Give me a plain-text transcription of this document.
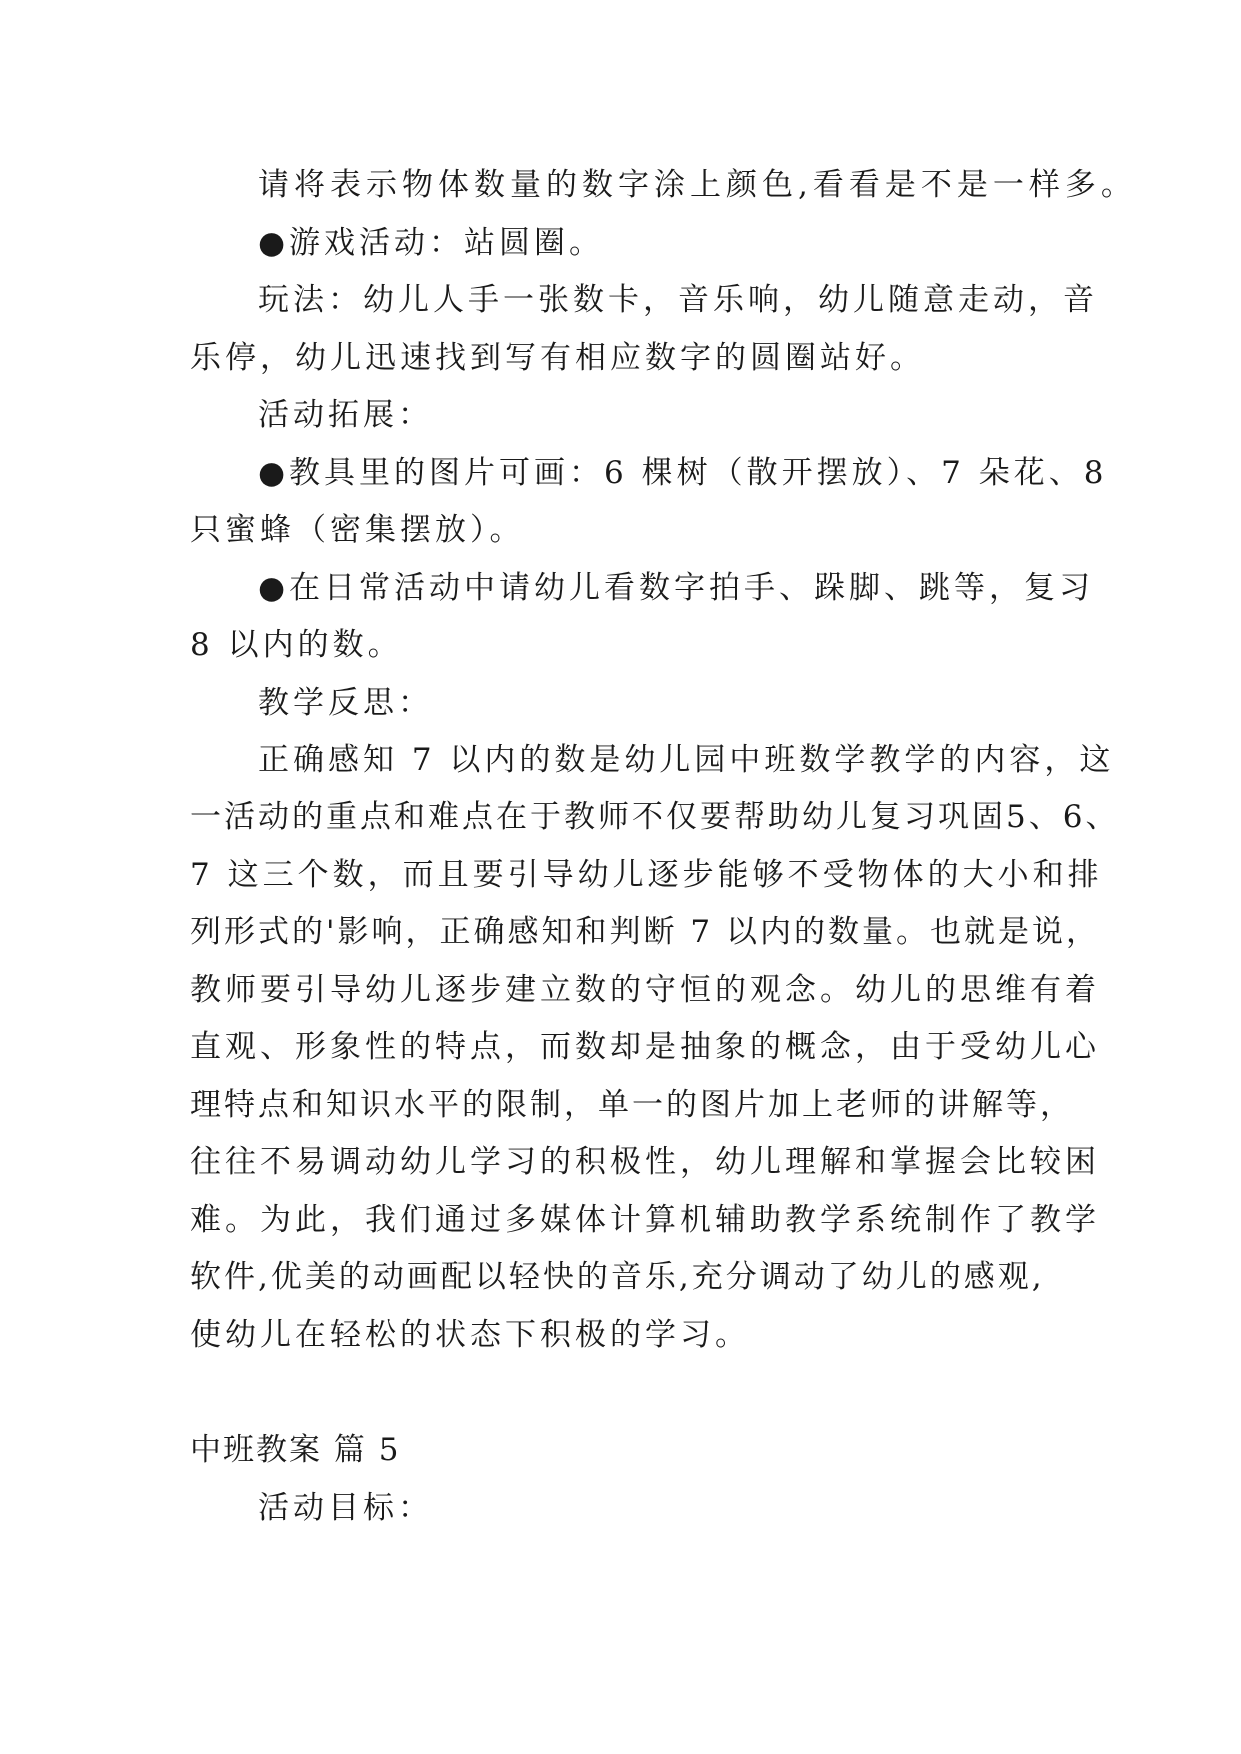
请将表示物体数量的数字涂上颜色,看看是不是一样多。
●游戏活动：站圆圈。
玩法：幼儿人手一张数卡，音乐响，幼儿随意走动，音
乐停，幼儿迅速找到写有相应数字的圆圈站好。
活动拓展：
●教具里的图片可画：6 棵树（散开摆放）、7 朵花、8
只蜜蜂（密集摆放）。
●在日常活动中请幼儿看数字拍手、跺脚、跳等，复习
8 以内的数。
教学反思：
正确感知 7 以内的数是幼儿园中班数学教学的内容，这
一活动的重点和难点在于教师不仅要帮助幼儿复习巩固5、6、
7 这三个数，而且要引导幼儿逐步能够不受物体的大小和排
列形式的'影响，正确感知和判断 7 以内的数量。也就是说，
教师要引导幼儿逐步建立数的守恒的观念。幼儿的思维有着
直观、形象性的特点，而数却是抽象的概念，由于受幼儿心
理特点和知识水平的限制，单一的图片加上老师的讲解等，
往往不易调动幼儿学习的积极性，幼儿理解和掌握会比较困
难。为此，我们通过多媒体计算机辅助教学系统制作了教学
软件,优美的动画配以轻快的音乐,充分调动了幼儿的感观,
使幼儿在轻松的状态下积极的学习。
中班教案 篇 5
活动目标：
